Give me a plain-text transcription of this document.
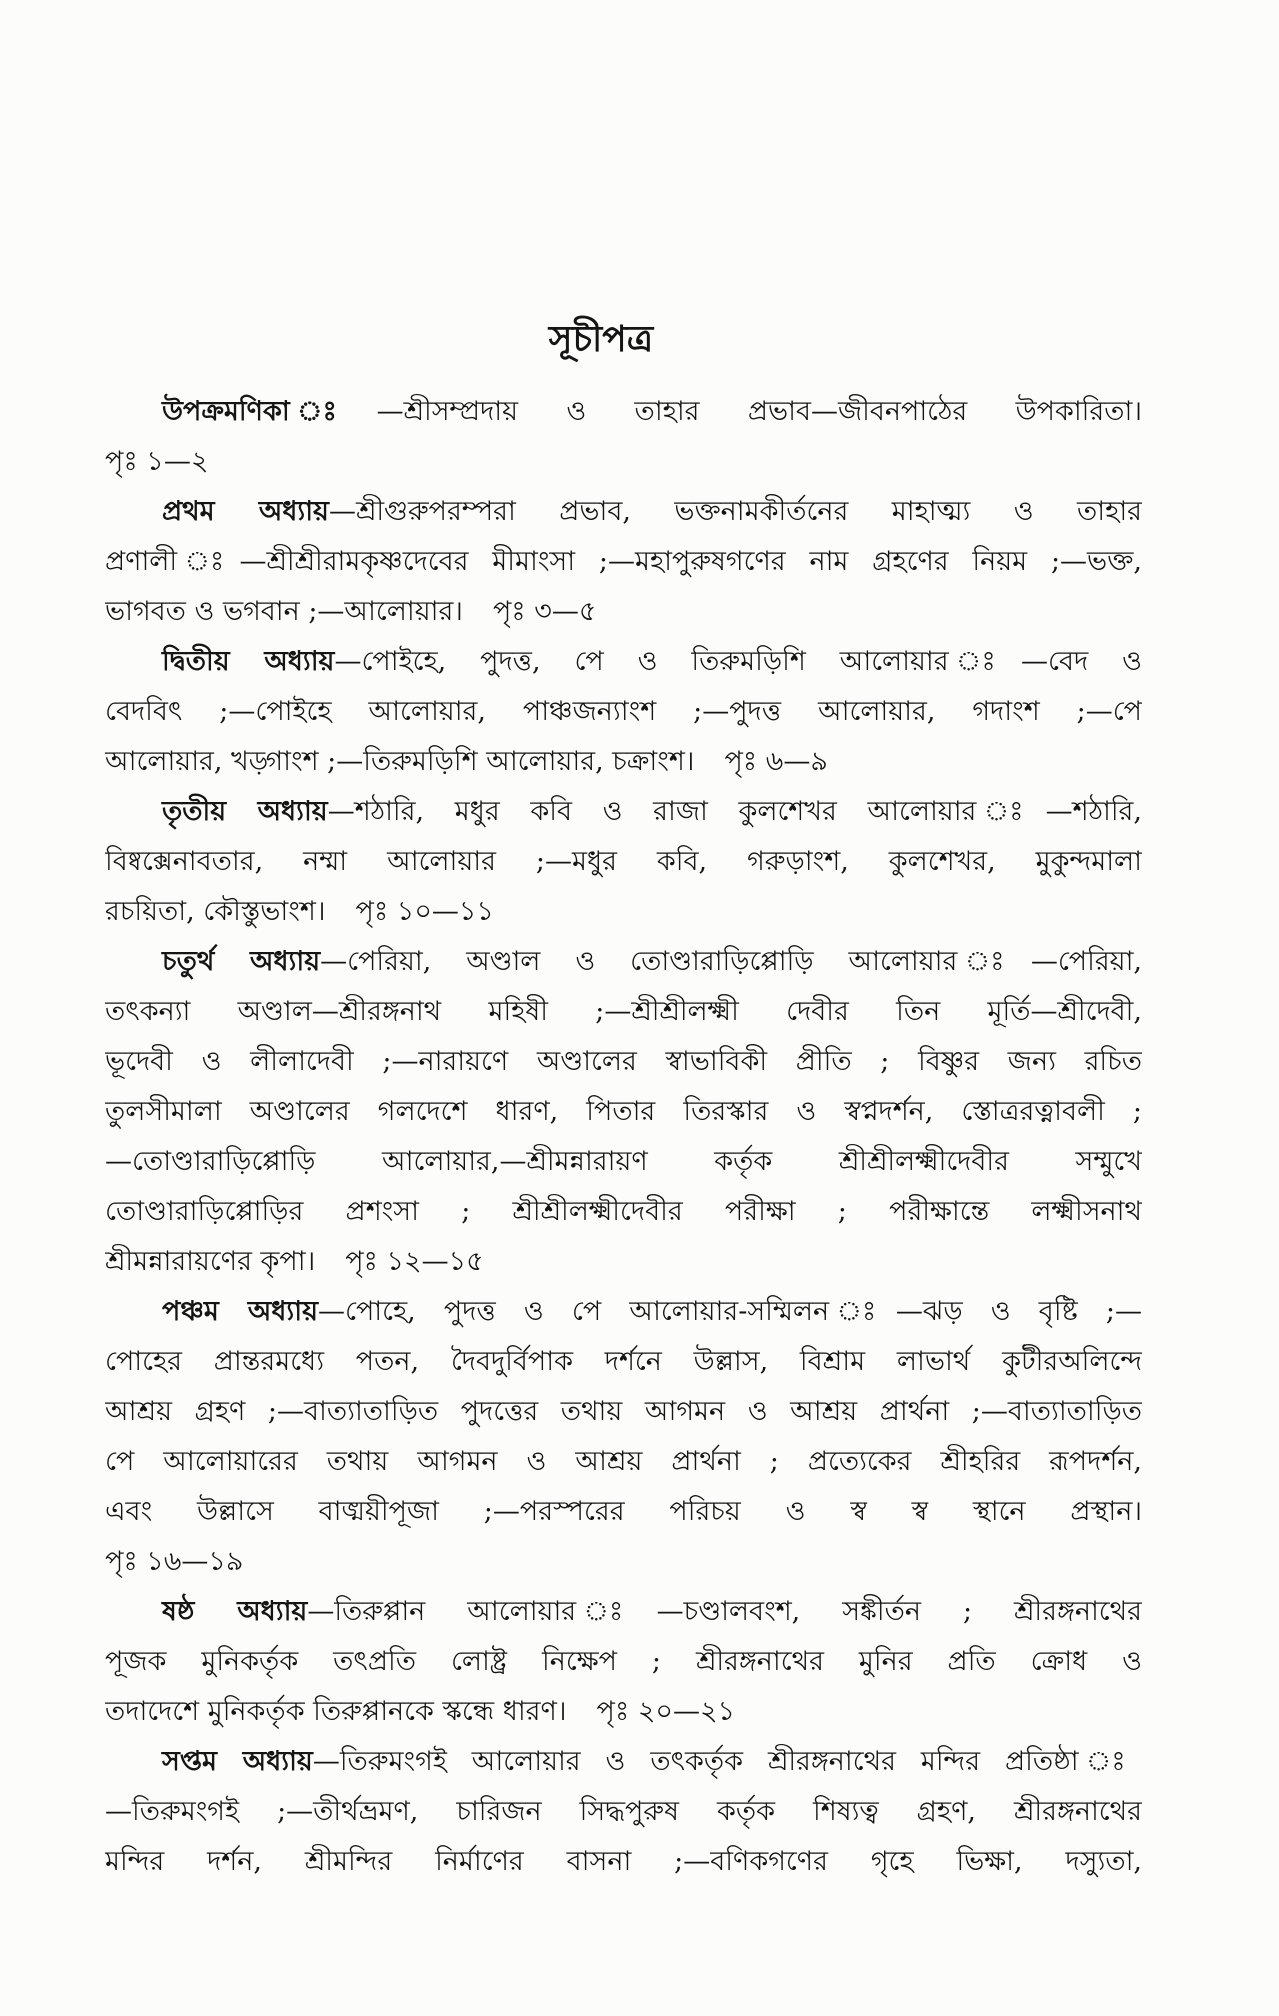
সূচীপত্র
উপক্রমণিকা ঃ—শ্রীসম্প্রদায় ও তাহার প্রভাব—জীবনপাঠের উপকারিতা।
পৃঃ ১—২
প্রথম অধ্যায়—শ্রীগুরুপরম্পরা প্রভাব, ভক্তনামকীর্তনের মাহাত্ম্য ও তাহার
প্রণালী ঃ—শ্রীশ্রীরামকৃষ্ণদেবের মীমাংসা ;—মহাপুরুষগণের নাম গ্রহণের নিয়ম ;—ভক্ত,
ভাগবত ও ভগবান ;—আলোয়ার। পৃঃ ৩—৫
দ্বিতীয় অধ্যায়—পোইহে, পুদত্ত, পে ও তিরুমড়িশি আলোয়ার ঃ—বেদ ও
বেদবিৎ ;—পোইহে আলোয়ার, পাঞ্চজন্যাংশ ;—পুদত্ত আলোয়ার, গদাংশ ;—পে
আলোয়ার, খড়্গাংশ ;—তিরুমড়িশি আলোয়ার, চক্রাংশ। পৃঃ ৬—৯
তৃতীয় অধ্যায়—শঠারি, মধুর কবি ও রাজা কুলশেখর আলোয়ার ঃ—শঠারি,
বিষ্বক্সেনাবতার, নম্মা আলোয়ার ;—মধুর কবি, গরুড়াংশ, কুলশেখর, মুকুন্দমালা
রচয়িতা, কৌস্তুভাংশ। পৃঃ ১০—১১
চতুর্থ অধ্যায়—পেরিয়া, অণ্ডাল ও তোণ্ডারাড়িপ্পোড়ি আলোয়ার ঃ—পেরিয়া,
তৎকন্যা অণ্ডাল—শ্রীরঙ্গনাথ মহিষী ;—শ্রীশ্রীলক্ষ্মী দেবীর তিন মূর্তি—শ্রীদেবী,
ভূদেবী ও লীলাদেবী ;—নারায়ণে অণ্ডালের স্বাভাবিকী প্রীতি ; বিষ্ণুর জন্য রচিত
তুলসীমালা অণ্ডালের গলদেশে ধারণ, পিতার তিরস্কার ও স্বপ্নদর্শন, স্তোত্ররত্নাবলী ;
—তোণ্ডারাড়িপ্পোড়ি আলোয়ার,—শ্রীমন্নারায়ণ কর্তৃক শ্রীশ্রীলক্ষ্মীদেবীর সম্মুখে
তোণ্ডারাড়িপ্পোড়ির প্রশংসা ; শ্রীশ্রীলক্ষ্মীদেবীর পরীক্ষা ; পরীক্ষান্তে লক্ষ্মীসনাথ
শ্রীমন্নারায়ণের কৃপা। পৃঃ ১২—১৫
পঞ্চম অধ্যায়—পোহে, পুদত্ত ও পে আলোয়ার-সম্মিলন ঃ—ঝড় ও বৃষ্টি ;—
পোহের প্রান্তরমধ্যে পতন, দৈবদুর্বিপাক দর্শনে উল্লাস, বিশ্রাম লাভার্থ কুটীরঅলিন্দে
আশ্রয় গ্রহণ ;—বাত্যাতাড়িত পুদত্তের তথায় আগমন ও আশ্রয় প্রার্থনা ;—বাত্যাতাড়িত
পে আলোয়ারের তথায় আগমন ও আশ্রয় প্রার্থনা ; প্রত্যেকের শ্রীহরির রূপদর্শন,
এবং উল্লাসে বাঙ্ময়ীপূজা ;—পরস্পরের পরিচয় ও স্ব স্ব স্থানে প্রস্থান।
পৃঃ ১৬—১৯
ষষ্ঠ অধ্যায়—তিরুপ্পান আলোয়ার ঃ—চণ্ডালবংশ, সঙ্কীর্তন ; শ্রীরঙ্গনাথের
পূজক মুনিকর্তৃক তৎপ্রতি লোষ্ট্র নিক্ষেপ ; শ্রীরঙ্গনাথের মুনির প্রতি ক্রোধ ও
তদাদেশে মুনিকর্তৃক তিরুপ্পানকে স্কন্ধে ধারণ। পৃঃ ২০—২১
সপ্তম অধ্যায়—তিরুমংগই আলোয়ার ও তৎকর্তৃক শ্রীরঙ্গনাথের মন্দির প্রতিষ্ঠা ঃ
—তিরুমংগই ;—তীর্থভ্রমণ, চারিজন সিদ্ধপুরুষ কর্তৃক শিষ্যত্ব গ্রহণ, শ্রীরঙ্গনাথের
মন্দির দর্শন, শ্রীমন্দির নির্মাণের বাসনা ;—বণিকগণের গৃহে ভিক্ষা, দস্যুতা,
